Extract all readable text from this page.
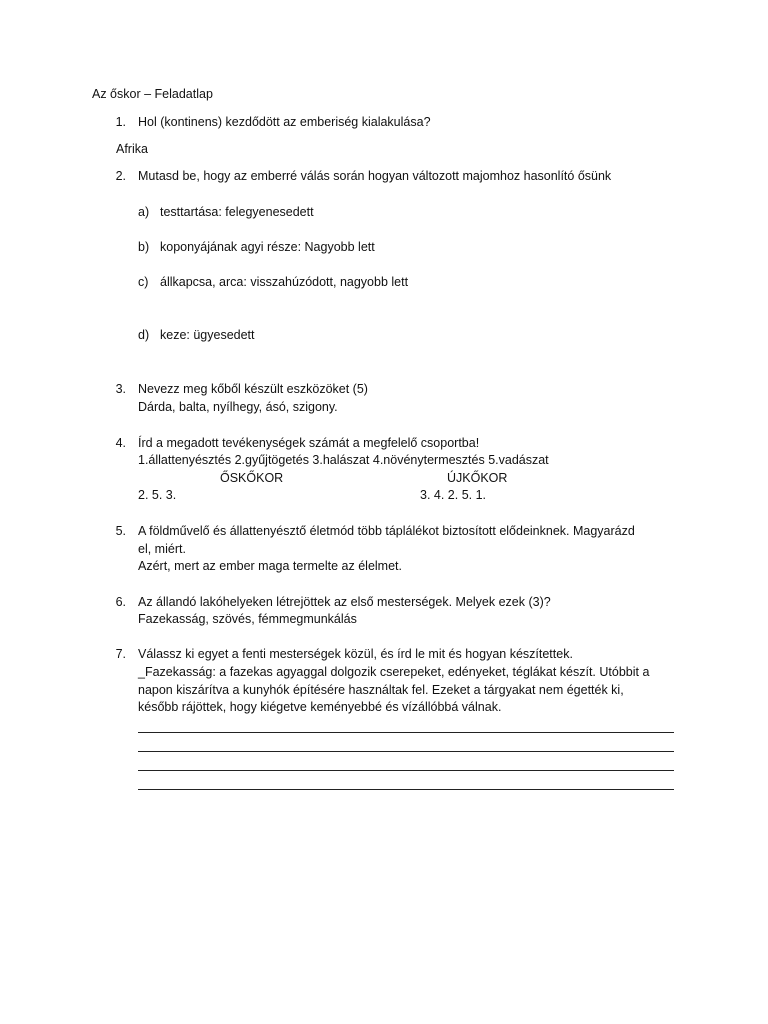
Az őskor – Feladatlap
1. Hol (kontinens) kezdődött az emberiség kialakulása?
Afrika
2. Mutasd be, hogy az emberré válás során hogyan változott majomhoz hasonlító ősünk
a) testtartása: felegyenesedett
b) koponyájának agyi része: Nagyobb lett
c) állkapcsa, arca: visszahúzódott, nagyobb lett
d) keze: ügyesedett
3. Nevezz meg kőből készült eszközöket (5)
Dárda, balta, nyílhegy, ásó, szigony.
4. Írd a megadott tevékenységek számát a megfelelő csoportba!
1.állattenyésztés 2.gyűjtögetés 3.halászat 4.növénytermesztés 5.vadászat
ŐSKŐKOR	ÚJKŐKOR
2. 5. 3.	3. 4. 2. 5. 1.
5. A földművelő és állattenyésztő életmód több táplálékot biztosított elődeinknek. Magyarázd
el, miért.
Azért, mert az ember maga termelte az élelmet.
6. Az állandó lakóhelyeken létrejöttek az első mesterségek. Melyek ezek (3)?
Fazekasság, szövés, fémmegmunkálás
7. Válassz ki egyet a fenti mesterségek közül, és írd le mit és hogyan készítettek.
_Fazekasság: a fazekas agyaggal dolgozik cserepeket, edényeket, téglákat készít. Utóbbit a
napon kiszárítva a kunyhók építésére használtak fel. Ezeket a tárgyakat nem égették ki,
később rájöttek, hogy kiégetve keményebbé és vízállóbbá válnak.
